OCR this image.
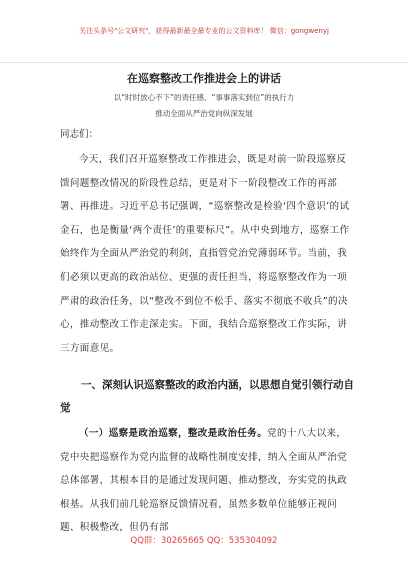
关注头条号"公文研究"，获得最新最全最专业的公文资料库！ 微信：gongwenyj
在巡察整改工作推进会上的讲话
以“时时放心不下”的责任感、“事事落实到位”的执行力
推动全面从严治党向纵深发展
同志们：
今天，我们召开巡察整改工作推进会，既是对前一阶段巡察反馈问题整改情况的阶段性总结，更是对下一阶段整改工作的再部署、再推进。习近平总书记强调，“巡察整改是检验‘四个意识’的试金石，也是衡量‘两个责任’的重要标尺”。从中央到地方，巡察工作始终作为全面从严治党的利剑，直指管党治党薄弱环节。当前，我们必须以更高的政治站位、更强的责任担当，将巡察整改作为一项严肃的政治任务，以“整改不到位不松手、落实不彻底不收兵”的决心，推动整改工作走深走实。下面，我结合巡察整改工作实际，讲三方面意见。
一、深刻认识巡察整改的政治内涵，以思想自觉引领行动自觉
（一）巡察是政治巡察，整改是政治任务。党的十八大以来，党中央把巡察作为党内监督的战略性制度安排，纳入全面从严治党总体部署，其根本目的是通过发现问题、推动整改，夯实党的执政根基。从我们前几轮巡察反馈情况看，虽然多数单位能够正视问题、积极整改，但仍有部
QQ群：30265665 QQ：535304092
